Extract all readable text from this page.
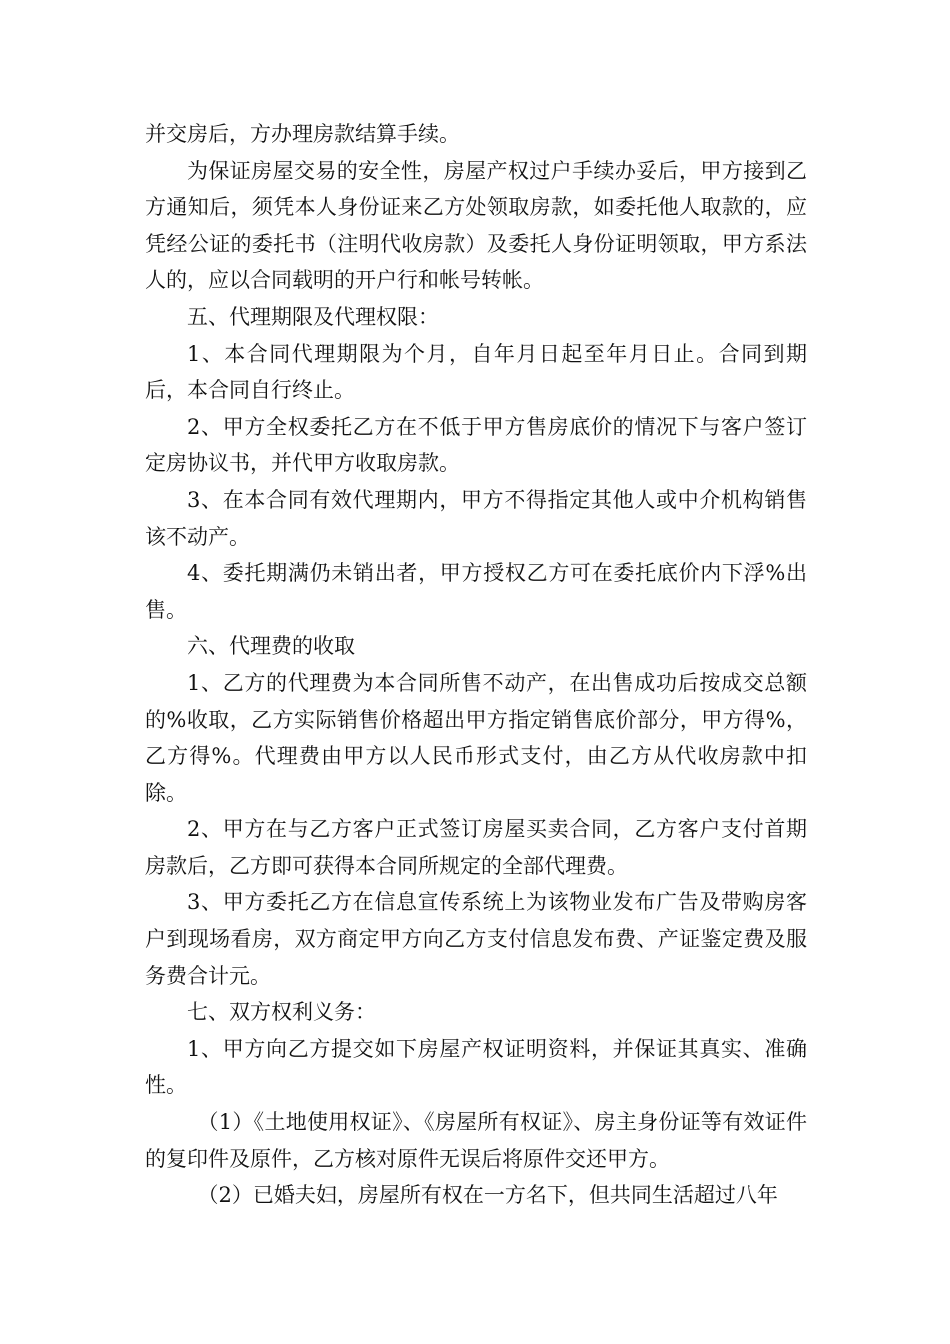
并交房后，方办理房款结算手续。

为保证房屋交易的安全性，房屋产权过户手续办妥后，甲方接到乙方通知后，须凭本人身份证来乙方处领取房款，如委托他人取款的，应凭经公证的委托书（注明代收房款）及委托人身份证明领取，甲方系法人的，应以合同载明的开户行和帐号转帐。

五、代理期限及代理权限：

1、本合同代理期限为个月，自年月日起至年月日止。合同到期后，本合同自行终止。

2、甲方全权委托乙方在不低于甲方售房底价的情况下与客户签订定房协议书，并代甲方收取房款。

3、在本合同有效代理期内，甲方不得指定其他人或中介机构销售该不动产。

4、委托期满仍未销出者，甲方授权乙方可在委托底价内下浮%出售。

六、代理费的收取

1、乙方的代理费为本合同所售不动产，在出售成功后按成交总额的%收取，乙方实际销售价格超出甲方指定销售底价部分，甲方得%，乙方得%。代理费由甲方以人民币形式支付，由乙方从代收房款中扣除。

2、甲方在与乙方客户正式签订房屋买卖合同，乙方客户支付首期房款后，乙方即可获得本合同所规定的全部代理费。

3、甲方委托乙方在信息宣传系统上为该物业发布广告及带购房客户到现场看房，双方商定甲方向乙方支付信息发布费、产证鉴定费及服务费合计元。

七、双方权利义务：

1、甲方向乙方提交如下房屋产权证明资料，并保证其真实、准确性。

（1）《土地使用权证》、《房屋所有权证》、房主身份证等有效证件的复印件及原件，乙方核对原件无误后将原件交还甲方。

（2）已婚夫妇，房屋所有权在一方名下，但共同生活超过八年
